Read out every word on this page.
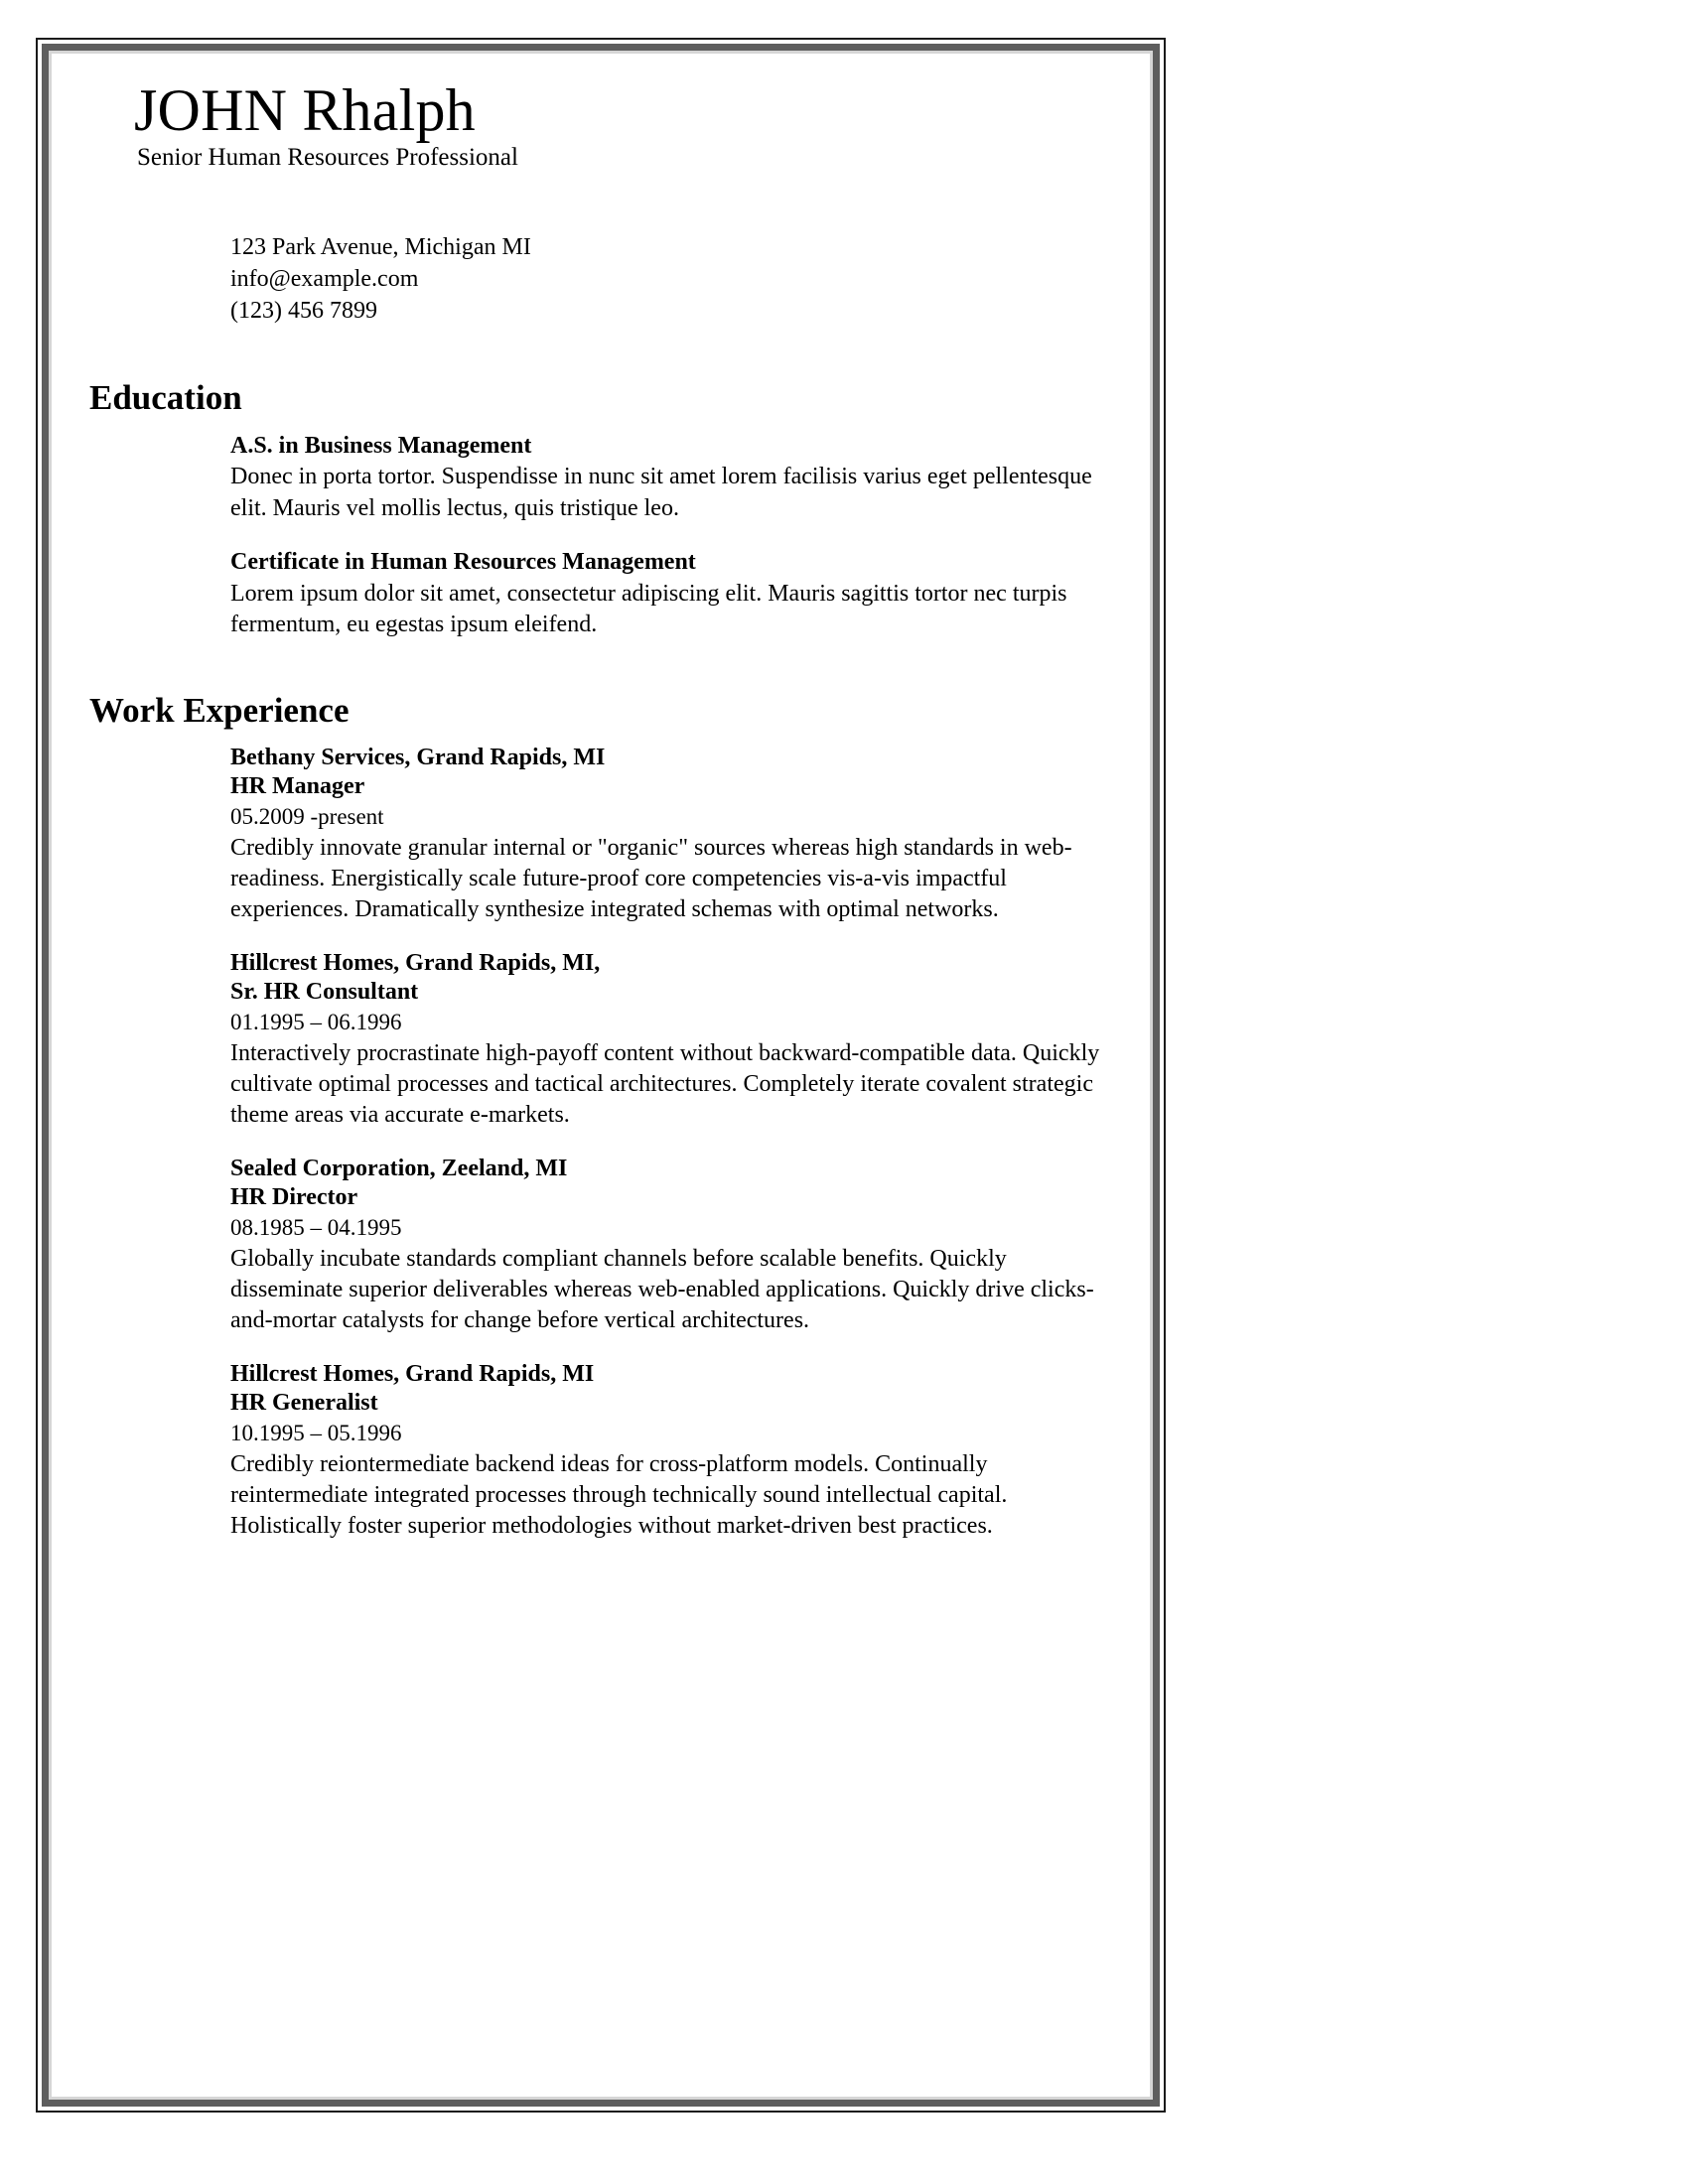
JOHN Rhalph
Senior Human Resources Professional
123 Park Avenue, Michigan MI
info@example.com
(123) 456 7899
Education
A.S. in Business Management
Donec in porta tortor. Suspendisse in nunc sit amet lorem facilisis varius eget pellentesque elit. Mauris vel mollis lectus, quis tristique leo.
Certificate in Human Resources Management
Lorem ipsum dolor sit amet, consectetur adipiscing elit. Mauris sagittis tortor nec turpis fermentum, eu egestas ipsum eleifend.
Work Experience
Bethany Services, Grand Rapids, MI
HR Manager
05.2009 -present
Credibly innovate granular internal or "organic" sources whereas high standards in web-readiness. Energistically scale future-proof core competencies vis-a-vis impactful experiences. Dramatically synthesize integrated schemas with optimal networks.
Hillcrest Homes, Grand Rapids, MI,
Sr. HR Consultant
01.1995 – 06.1996
Interactively procrastinate high-payoff content without backward-compatible data. Quickly cultivate optimal processes and tactical architectures. Completely iterate covalent strategic theme areas via accurate e-markets.
Sealed Corporation, Zeeland, MI
HR Director
08.1985 – 04.1995
Globally incubate standards compliant channels before scalable benefits. Quickly disseminate superior deliverables whereas web-enabled applications. Quickly drive clicks-and-mortar catalysts for change before vertical architectures.
Hillcrest Homes, Grand Rapids, MI
HR Generalist
10.1995 – 05.1996
Credibly reiontermediate backend ideas for cross-platform models. Continually reintermediate integrated processes through technically sound intellectual capital. Holistically foster superior methodologies without market-driven best practices.
